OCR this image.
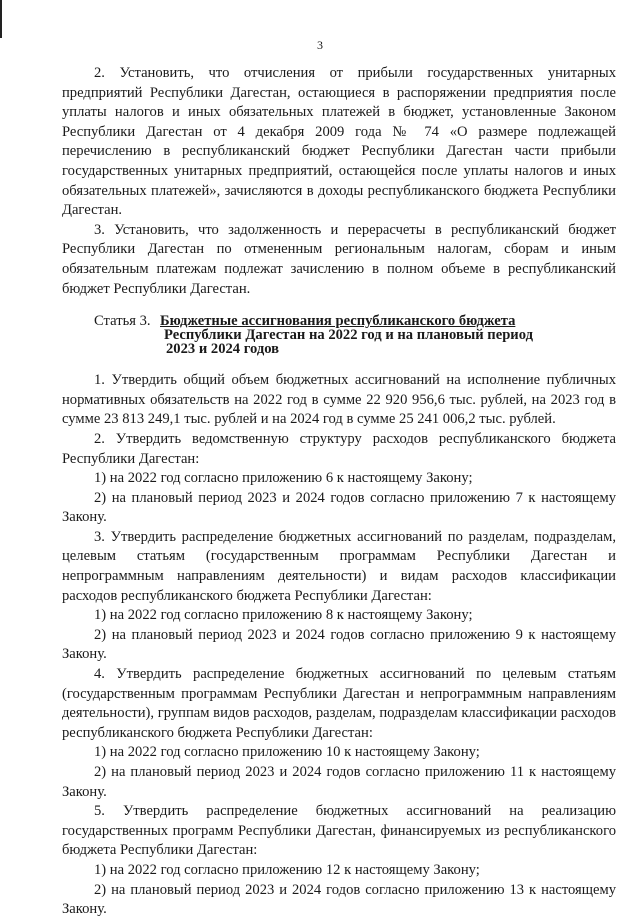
3

2. Установить, что отчисления от прибыли государственных унитарных предприятий Республики Дагестан, остающиеся в распоряжении предприятия после уплаты налогов и иных обязательных платежей в бюджет, установленные Законом Республики Дагестан от 4 декабря 2009 года № 74 «О размере подлежащей перечислению в республиканский бюджет Республики Дагестан части прибыли государственных унитарных предприятий, остающейся после уплаты налогов и иных обязательных платежей», зачисляются в доходы республиканского бюджета Республики Дагестан.

3. Установить, что задолженность и перерасчеты в республиканский бюджет Республики Дагестан по отмененным региональным налогам, сборам и иным обязательным платежам подлежат зачислению в полном объеме в республиканский бюджет Республики Дагестан.

Статья 3. Бюджетные ассигнования республиканского бюджета
Республики Дагестан на 2022 год и на плановый период
2023 и 2024 годов

1. Утвердить общий объем бюджетных ассигнований на исполнение публичных нормативных обязательств на 2022 год в сумме 22 920 956,6 тыс. рублей, на 2023 год в сумме 23 813 249,1 тыс. рублей и на 2024 год в сумме 25 241 006,2 тыс. рублей.

2. Утвердить ведомственную структуру расходов республиканского бюджета Республики Дагестан:

1) на 2022 год согласно приложению 6 к настоящему Закону;

2) на плановый период 2023 и 2024 годов согласно приложению 7 к настоящему Закону.

3. Утвердить распределение бюджетных ассигнований по разделам, подразделам, целевым статьям (государственным программам Республики Дагестан и непрограммным направлениям деятельности) и видам расходов классификации расходов республиканского бюджета Республики Дагестан:

1) на 2022 год согласно приложению 8 к настоящему Закону;

2) на плановый период 2023 и 2024 годов согласно приложению 9 к настоящему Закону.

4. Утвердить распределение бюджетных ассигнований по целевым статьям (государственным программам Республики Дагестан и непрограммным направлениям деятельности), группам видов расходов, разделам, подразделам классификации расходов республиканского бюджета Республики Дагестан:

1) на 2022 год согласно приложению 10 к настоящему Закону;

2) на плановый период 2023 и 2024 годов согласно приложению 11 к настоящему Закону.

5. Утвердить распределение бюджетных ассигнований на реализацию государственных программ Республики Дагестан, финансируемых из республиканского бюджета Республики Дагестан:

1) на 2022 год согласно приложению 12 к настоящему Закону;

2) на плановый период 2023 и 2024 годов согласно приложению 13 к настоящему Закону.
